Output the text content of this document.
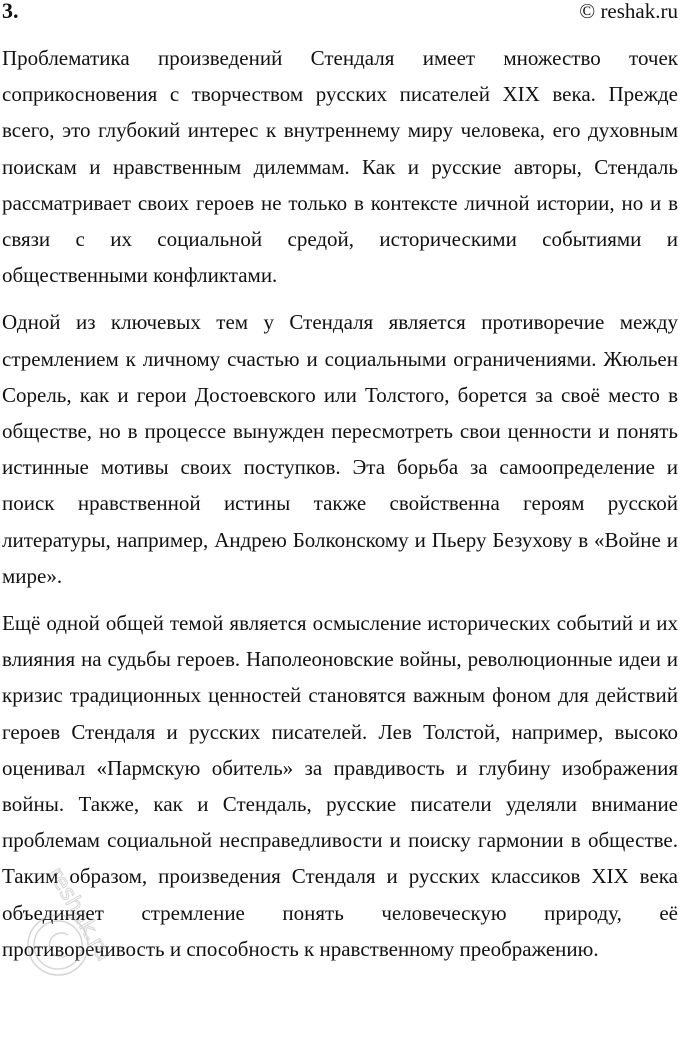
3.	© reshak.ru

Проблематика произведений Стендаля имеет множество точек соприкосновения с творчеством русских писателей XIX века. Прежде всего, это глубокий интерес к внутреннему миру человека, его духовным поискам и нравственным дилеммам. Как и русские авторы, Стендаль рассматривает своих героев не только в контексте личной истории, но и в связи с их социальной средой, историческими событиями и общественными конфликтами.

Одной из ключевых тем у Стендаля является противоречие между стремлением к личному счастью и социальными ограничениями. Жюльен Сорель, как и герои Достоевского или Толстого, борется за своё место в обществе, но в процессе вынужден пересмотреть свои ценности и понять истинные мотивы своих поступков. Эта борьба за самоопределение и поиск нравственной истины также свойственна героям русской литературы, например, Андрею Болконскому и Пьеру Безухову в «Войне и мире».

Ещё одной общей темой является осмысление исторических событий и их влияния на судьбы героев. Наполеоновские войны, революционные идеи и кризис традиционных ценностей становятся важным фоном для действий героев Стендаля и русских писателей. Лев Толстой, например, высоко оценивал «Пармскую обитель» за правдивость и глубину изображения войны. Также, как и Стендаль, русские писатели уделяли внимание проблемам социальной несправедливости и поиску гармонии в обществе. Таким образом, произведения Стендаля и русских классиков XIX века объединяет стремление понять человеческую природу, её противоречивость и способность к нравственному преображению.

reshak.ru
